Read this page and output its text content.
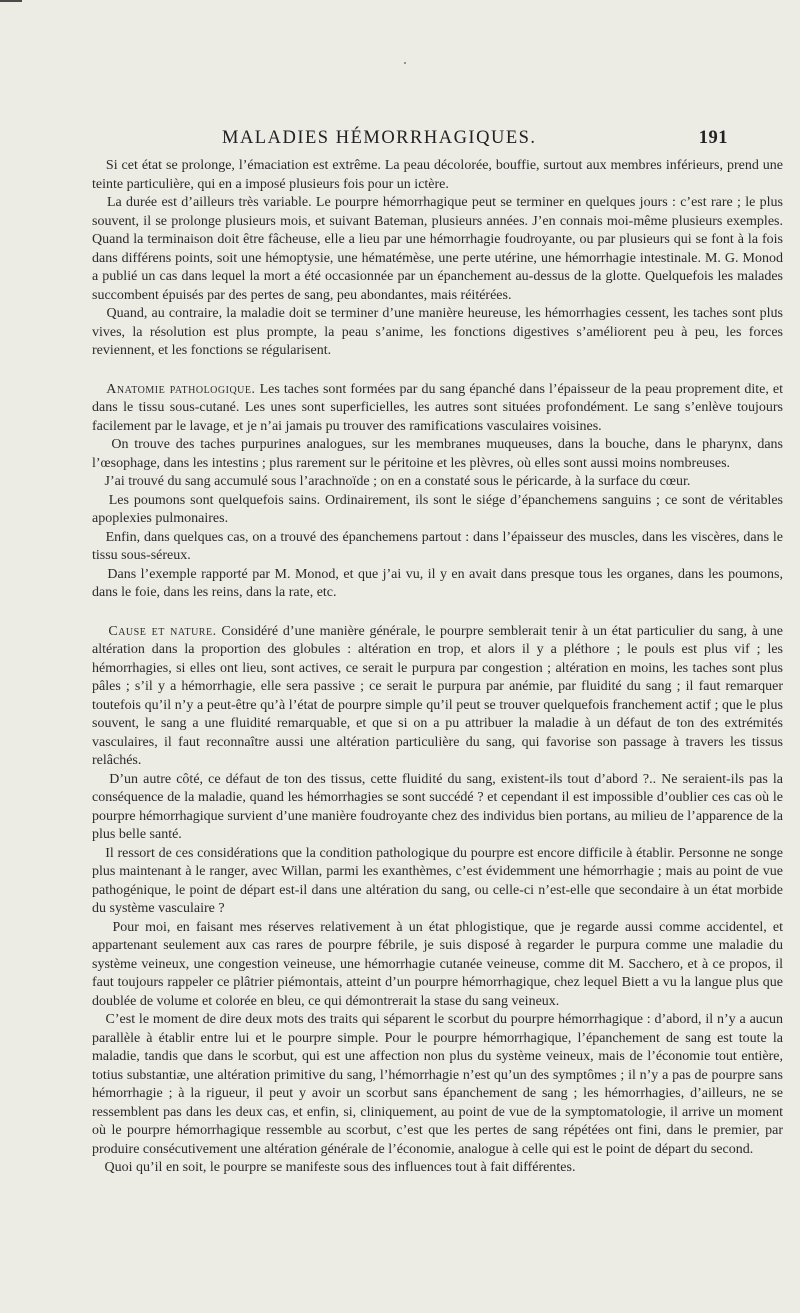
MALADIES HÉMORRHAGIQUES.	191

Si cet état se prolonge, l’émaciation est extrême. La peau décolorée, bouffie, surtout aux membres inférieurs, prend une teinte particulière, qui en a imposé plusieurs fois pour un ictère.

La durée est d’ailleurs très variable. Le pourpre hémorrhagique peut se terminer en quelques jours : c’est rare ; le plus souvent, il se prolonge plusieurs mois, et suivant Bateman, plusieurs années. J’en connais moi-même plusieurs exemples. Quand la terminaison doit être fâcheuse, elle a lieu par une hémorrhagie foudroyante, ou par plusieurs qui se font à la fois dans différens points, soit une hémoptysie, une hématémèse, une perte utérine, une hémorrhagie intestinale. M. G. Monod a publié un cas dans lequel la mort a été occasionnée par un épanchement au-dessus de la glotte. Quelquefois les malades succombent épuisés par des pertes de sang, peu abondantes, mais réitérées.

Quand, au contraire, la maladie doit se terminer d’une manière heureuse, les hémorrhagies cessent, les taches sont plus vives, la résolution est plus prompte, la peau s’anime, les fonctions digestives s’améliorent peu à peu, les forces reviennent, et les fonctions se régularisent.

Anatomie pathologique. Les taches sont formées par du sang épanché dans l’épaisseur de la peau proprement dite, et dans le tissu sous-cutané. Les unes sont superficielles, les autres sont situées profondément. Le sang s’enlève toujours facilement par le lavage, et je n’ai jamais pu trouver des ramifications vasculaires voisines.

On trouve des taches purpurines analogues, sur les membranes muqueuses, dans la bouche, dans le pharynx, dans l’œsophage, dans les intestins ; plus rarement sur le péritoine et les plèvres, où elles sont aussi moins nombreuses.

J’ai trouvé du sang accumulé sous l’arachnoïde ; on en a constaté sous le péricarde, à la surface du cœur.

Les poumons sont quelquefois sains. Ordinairement, ils sont le siége d’épanchemens sanguins ; ce sont de véritables apoplexies pulmonaires.

Enfin, dans quelques cas, on a trouvé des épanchemens partout : dans l’épaisseur des muscles, dans les viscères, dans le tissu sous-séreux.

Dans l’exemple rapporté par M. Monod, et que j’ai vu, il y en avait dans presque tous les organes, dans les poumons, dans le foie, dans les reins, dans la rate, etc.

Cause et nature. Considéré d’une manière générale, le pourpre semblerait tenir à un état particulier du sang, à une altération dans la proportion des globules : altération en trop, et alors il y a pléthore ; le pouls est plus vif ; les hémorrhagies, si elles ont lieu, sont actives, ce serait le purpura par congestion ; altération en moins, les taches sont plus pâles ; s’il y a hémorrhagie, elle sera passive ; ce serait le purpura par anémie, par fluidité du sang ; il faut remarquer toutefois qu’il n’y a peut-être qu’à l’état de pourpre simple qu’il peut se trouver quelquefois franchement actif ; que le plus souvent, le sang a une fluidité remarquable, et que si on a pu attribuer la maladie à un défaut de ton des extrémités vasculaires, il faut reconnaître aussi une altération particulière du sang, qui favorise son passage à travers les tissus relâchés.

D’un autre côté, ce défaut de ton des tissus, cette fluidité du sang, existent-ils tout d’abord ?.. Ne seraient-ils pas la conséquence de la maladie, quand les hémorrhagies se sont succédé ? et cependant il est impossible d’oublier ces cas où le pourpre hémorrhagique survient d’une manière foudroyante chez des individus bien portans, au milieu de l’apparence de la plus belle santé.

Il ressort de ces considérations que la condition pathologique du pourpre est encore difficile à établir. Personne ne songe plus maintenant à le ranger, avec Willan, parmi les exanthèmes, c’est évidemment une hémorrhagie ; mais au point de vue pathogénique, le point de départ est-il dans une altération du sang, ou celle-ci n’est-elle que secondaire à un état morbide du système vasculaire ?

Pour moi, en faisant mes réserves relativement à un état phlogistique, que je regarde aussi comme accidentel, et appartenant seulement aux cas rares de pourpre fébrile, je suis disposé à regarder le purpura comme une maladie du système veineux, une congestion veineuse, une hémorrhagie cutanée veineuse, comme dit M. Sacchero, et à ce propos, il faut toujours rappeler ce plâtrier piémontais, atteint d’un pourpre hémorrhagique, chez lequel Biett a vu la langue plus que doublée de volume et colorée en bleu, ce qui démontrerait la stase du sang veineux.

C’est le moment de dire deux mots des traits qui séparent le scorbut du pourpre hémorrhagique : d’abord, il n’y a aucun parallèle à établir entre lui et le pourpre simple. Pour le pourpre hémorrhagique, l’épanchement de sang est toute la maladie, tandis que dans le scorbut, qui est une affection non plus du système veineux, mais de l’économie tout entière, totius substantiæ, une altération primitive du sang, l’hémorrhagie n’est qu’un des symptômes ; il n’y a pas de pourpre sans hémorrhagie ; à la rigueur, il peut y avoir un scorbut sans épanchement de sang ; les hémorrhagies, d’ailleurs, ne se ressemblent pas dans les deux cas, et enfin, si, cliniquement, au point de vue de la symptomatologie, il arrive un moment où le pourpre hémorrhagique ressemble au scorbut, c’est que les pertes de sang répétées ont fini, dans le premier, par produire consécutivement une altération générale de l’économie, analogue à celle qui est le point de départ du second.

Quoi qu’il en soit, le pourpre se manifeste sous des influences tout à fait différentes.
